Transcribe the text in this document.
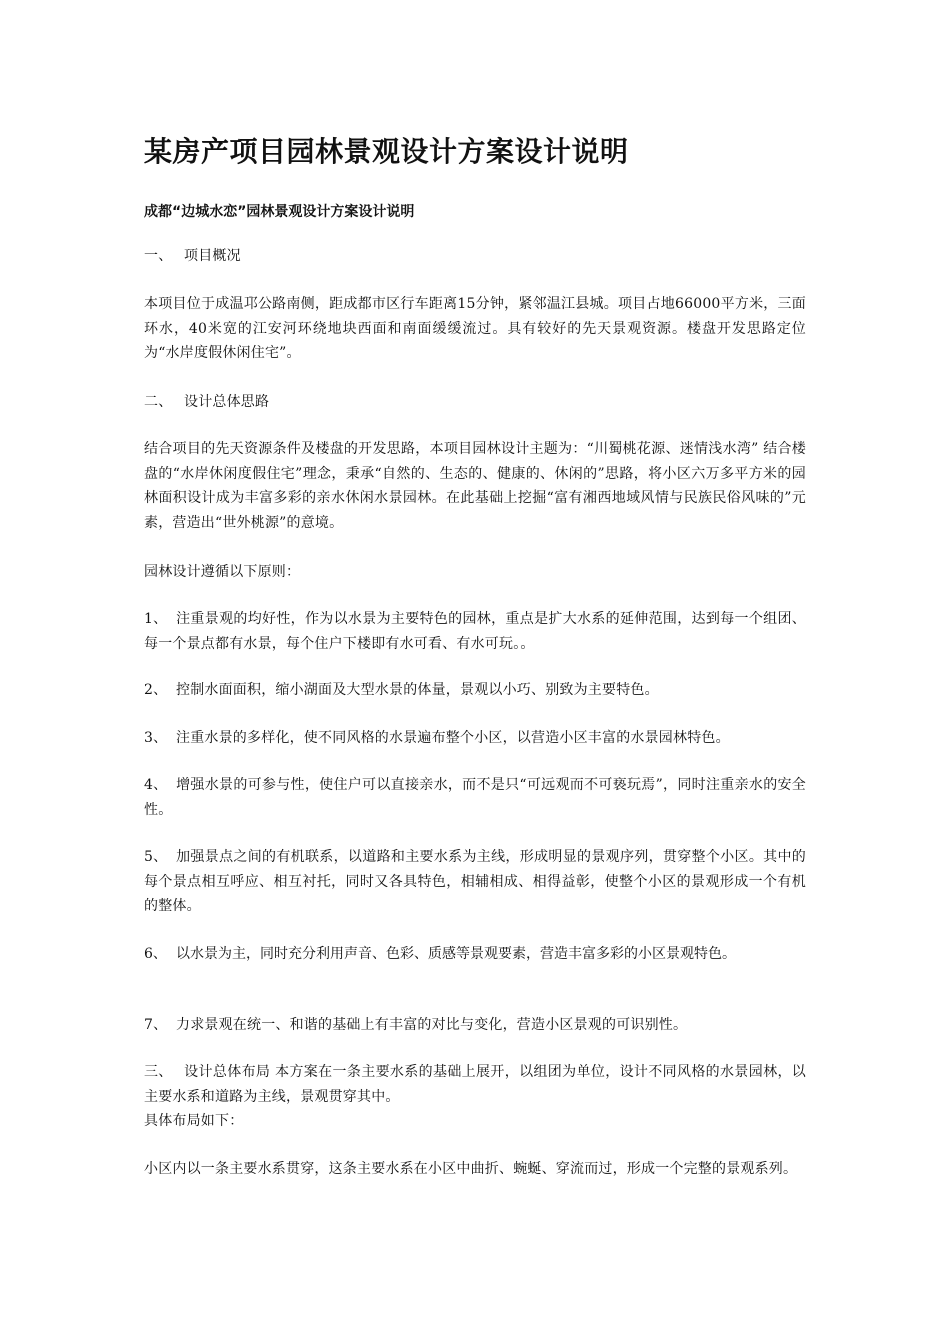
某房产项目园林景观设计方案设计说明

成都“边城水恋”园林景观设计方案设计说明

一、 项目概况

本项目位于成温邛公路南侧，距成都市区行车距离15分钟，紧邻温江县城。项目占地66000平方米，三面环水，40米宽的江安河环绕地块西面和南面缓缓流过。具有较好的先天景观资源。楼盘开发思路定位为“水岸度假休闲住宅”。

二、 设计总体思路

结合项目的先天资源条件及楼盘的开发思路，本项目园林设计主题为：“川蜀桃花源、迷情浅水湾” 结合楼盘的“水岸休闲度假住宅”理念，秉承“自然的、生态的、健康的、休闲的”思路，将小区六万多平方米的园林面积设计成为丰富多彩的亲水休闲水景园林。在此基础上挖掘“富有湘西地域风情与民族民俗风味的”元素，营造出“世外桃源”的意境。

园林设计遵循以下原则：

1、 注重景观的均好性，作为以水景为主要特色的园林，重点是扩大水系的延伸范围，达到每一个组团、每一个景点都有水景，每个住户下楼即有水可看、有水可玩。。

2、 控制水面面积，缩小湖面及大型水景的体量，景观以小巧、别致为主要特色。

3、 注重水景的多样化，使不同风格的水景遍布整个小区，以营造小区丰富的水景园林特色。

4、 增强水景的可参与性，使住户可以直接亲水，而不是只“可远观而不可亵玩焉”，同时注重亲水的安全性。

5、 加强景点之间的有机联系，以道路和主要水系为主线，形成明显的景观序列，贯穿整个小区。其中的每个景点相互呼应、相互衬托，同时又各具特色，相辅相成、相得益彰，使整个小区的景观形成一个有机的整体。

6、 以水景为主，同时充分利用声音、色彩、质感等景观要素，营造丰富多彩的小区景观特色。

7、 力求景观在统一、和谐的基础上有丰富的对比与变化，营造小区景观的可识别性。

三、 设计总体布局 本方案在一条主要水系的基础上展开，以组团为单位，设计不同风格的水景园林，以主要水系和道路为主线，景观贯穿其中。

具体布局如下：

小区内以一条主要水系贯穿，这条主要水系在小区中曲折、蜿蜒、穿流而过，形成一个完整的景观系列。
